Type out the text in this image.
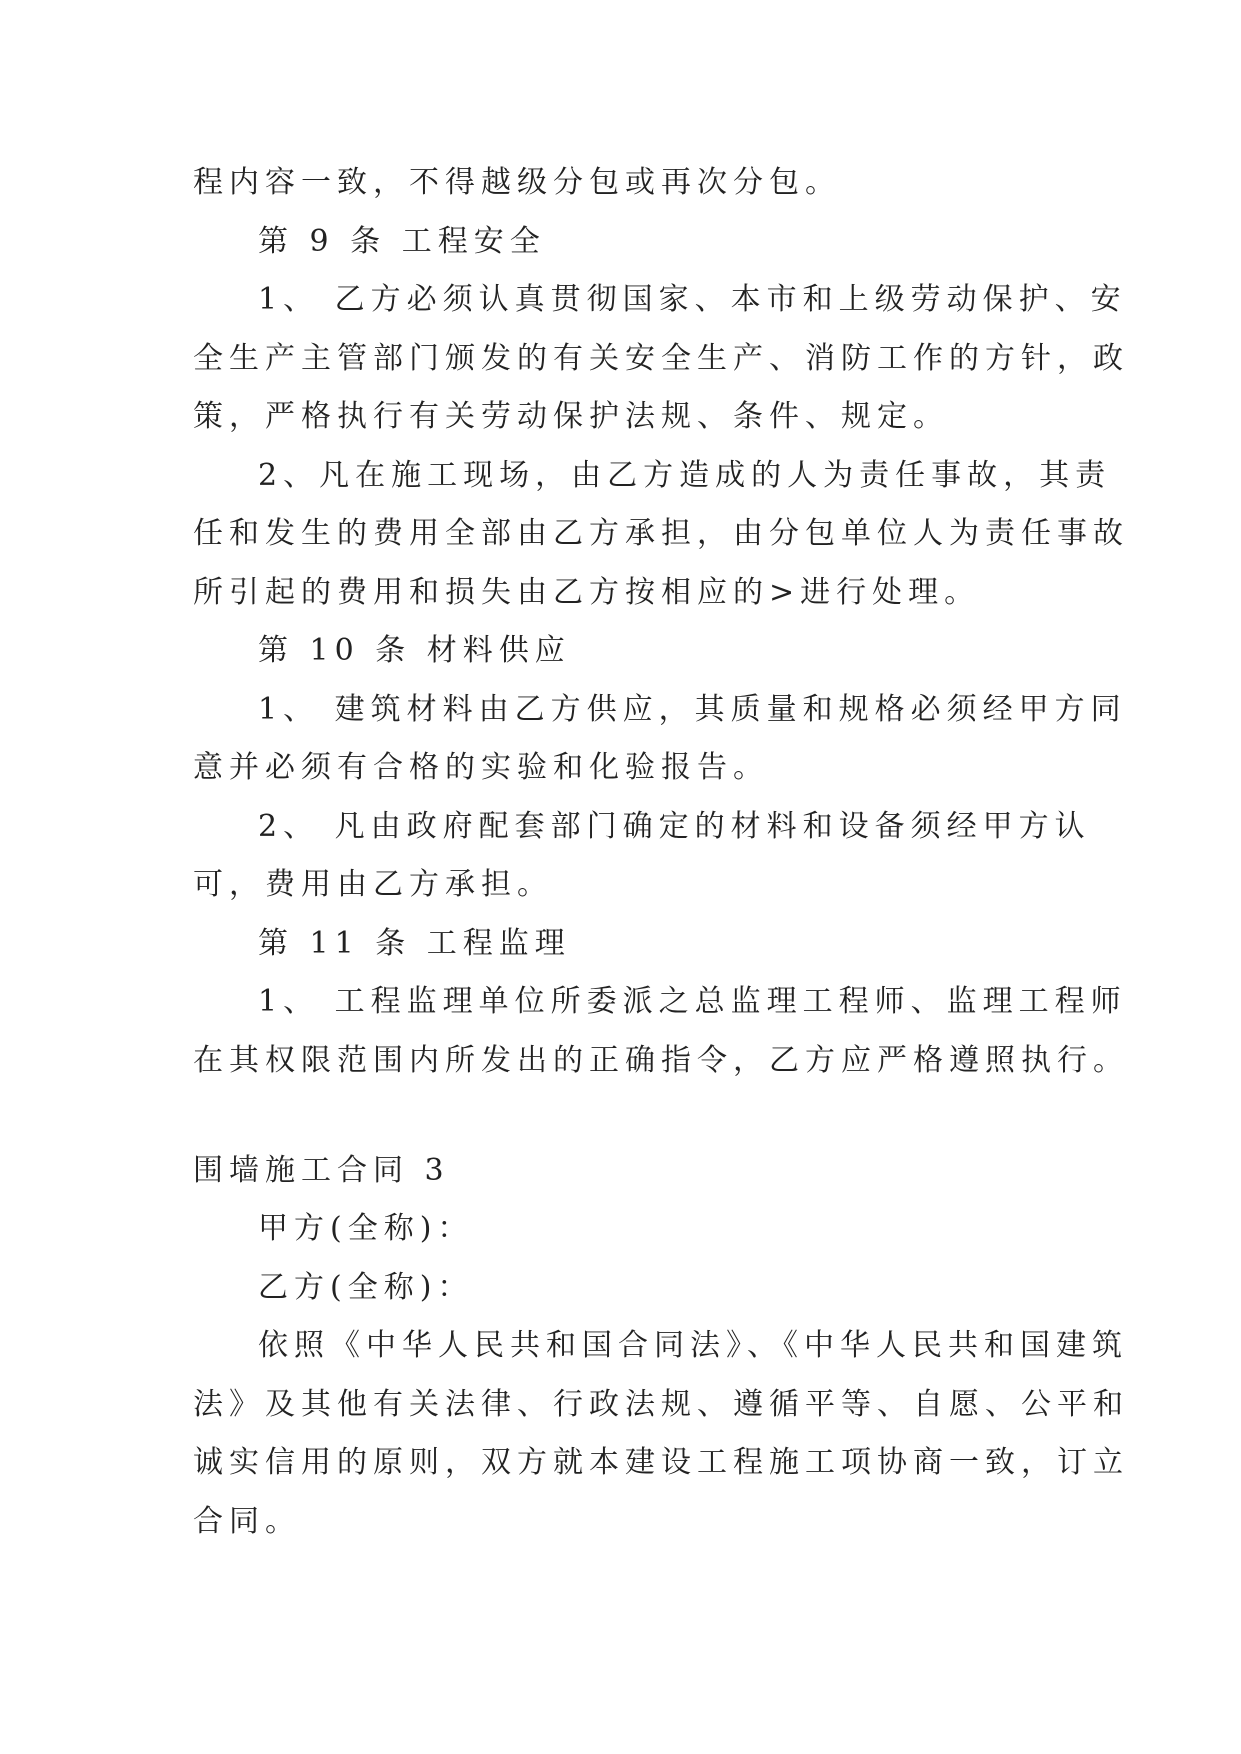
程内容一致，不得越级分包或再次分包。
第 9 条 工程安全
1、 乙方必须认真贯彻国家、本市和上级劳动保护、安
全生产主管部门颁发的有关安全生产、消防工作的方针，政
策，严格执行有关劳动保护法规、条件、规定。
2、凡在施工现场，由乙方造成的人为责任事故，其责
任和发生的费用全部由乙方承担，由分包单位人为责任事故
所引起的费用和损失由乙方按相应的>进行处理。
第 10 条 材料供应
1、 建筑材料由乙方供应，其质量和规格必须经甲方同
意并必须有合格的实验和化验报告。
2、 凡由政府配套部门确定的材料和设备须经甲方认
可，费用由乙方承担。
第 11 条 工程监理
1、 工程监理单位所委派之总监理工程师、监理工程师
在其权限范围内所发出的正确指令，乙方应严格遵照执行。
围墙施工合同 3
甲方(全称)：
乙方(全称)：
依照《中华人民共和国合同法》、《中华人民共和国建筑
法》及其他有关法律、行政法规、遵循平等、自愿、公平和
诚实信用的原则，双方就本建设工程施工项协商一致，订立
合同。
